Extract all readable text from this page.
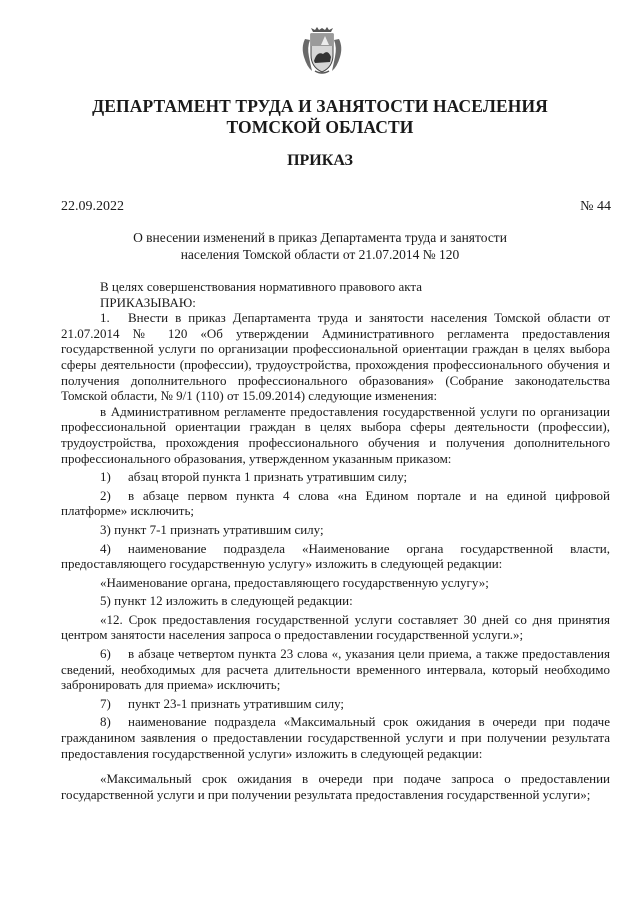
ДЕПАРТАМЕНТ ТРУДА И ЗАНЯТОСТИ НАСЕЛЕНИЯ
ТОМСКОЙ ОБЛАСТИ
ПРИКАЗ
22.09.2022	№ 44
О внесении изменений в приказ Департамента труда и занятости
населения Томской области от 21.07.2014 № 120

В целях совершенствования нормативного правового акта

ПРИКАЗЫВАЮ:

1. Внести в приказ Департамента труда и занятости населения Томской области от 21.07.2014 № 120 «Об утверждении Административного регламента предоставления государственной услуги по организации профессиональной ориентации граждан в целях выбора сферы деятельности (профессии), трудоустройства, прохождения профессионального обучения и получения дополнительного профессионального образования» (Собрание законодательства Томской области, № 9/1 (110) от 15.09.2014) следующие изменения:

в Административном регламенте предоставления государственной услуги по организации профессиональной ориентации граждан в целях выбора сферы деятельности (профессии), трудоустройства, прохождения профессионального обучения и получения дополнительного профессионального образования, утвержденном указанным приказом:

1) абзац второй пункта 1 признать утратившим силу;

2) в абзаце первом пункта 4 слова «на Едином портале и на единой цифровой платформе» исключить;

3) пункт 7-1 признать утратившим силу;

4) наименование подраздела «Наименование органа государственной власти, предоставляющего государственную услугу» изложить в следующей редакции:

«Наименование органа, предоставляющего государственную услугу»;

5) пункт 12 изложить в следующей редакции:

«12. Срок предоставления государственной услуги составляет 30 дней со дня принятия центром занятости населения запроса о предоставлении государственной услуги.»;

6) в абзаце четвертом пункта 23 слова «, указания цели приема, а также предоставления сведений, необходимых для расчета длительности временного интервала, который необходимо забронировать для приема» исключить;

7) пункт 23-1 признать утратившим силу;

8) наименование подраздела «Максимальный срок ожидания в очереди при подаче гражданином заявления о предоставлении государственной услуги и при получении результата предоставления государственной услуги» изложить в следующей редакции:

«Максимальный срок ожидания в очереди при подаче запроса о предоставлении государственной услуги и при получении результата предоставления государственной услуги»;
